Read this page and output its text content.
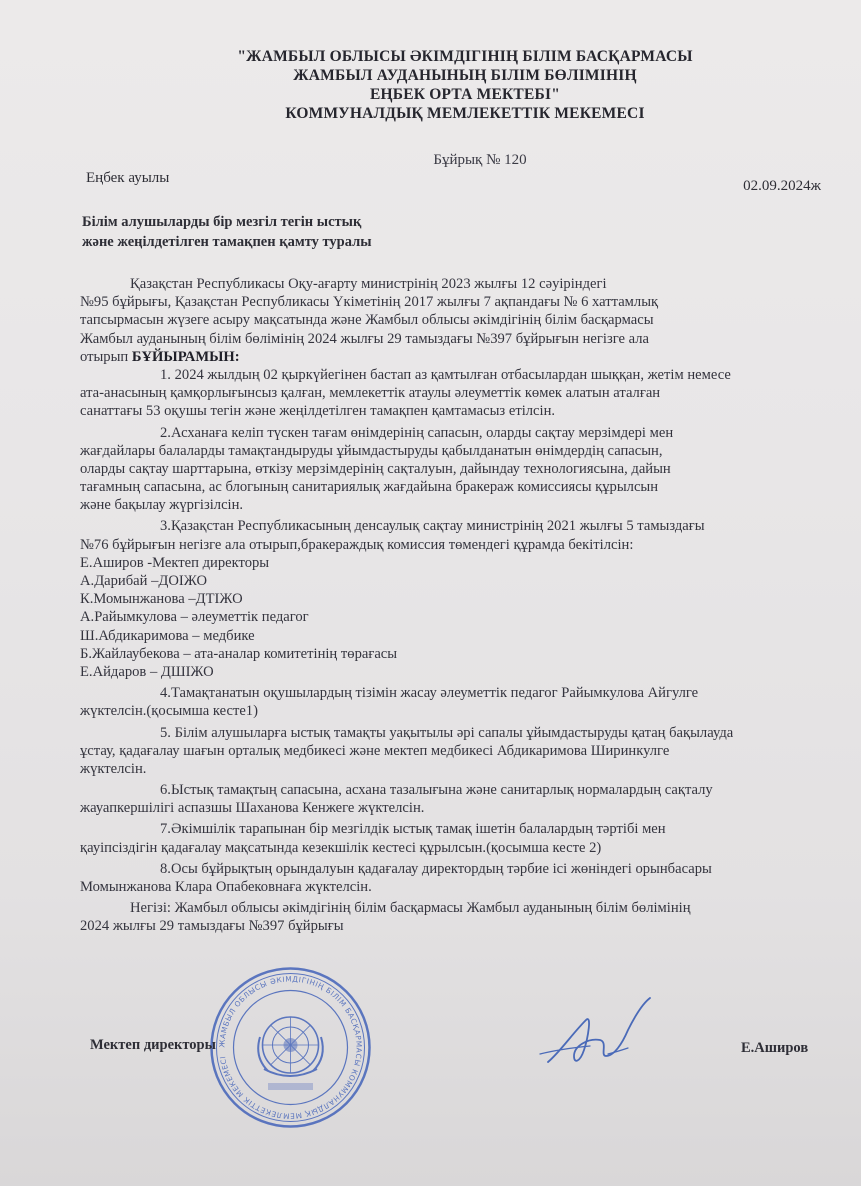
"ЖАМБЫЛ ОБЛЫСЫ ӘКІМДІГІНІҢ БІЛІМ БАСҚАРМАСЫ
ЖАМБЫЛ АУДАНЫНЫҢ БІЛІМ БӨЛІМІНІҢ
ЕҢБЕК ОРТА МЕКТЕБІ"
КОММУНАЛДЫҚ МЕМЛЕКЕТТІК МЕКЕМЕСІ
Бұйрық № 120
Еңбек ауылы	02.09.2024ж
Білім алушыларды бір мезгіл тегін ыстық
және жеңілдетілген тамақпен қамту туралы
Қазақстан Республикасы Оқу-ағарту министрінің 2023 жылғы 12 сәуіріндегі
№95 бұйрығы, Қазақстан Республикасы Үкіметінің 2017 жылғы 7 ақпандағы № 6 хаттамлық
тапсырмасын жүзеге асыру мақсатында және Жамбыл облысы әкімдігінің білім басқармасы
Жамбыл ауданының білім бөлімінің 2024 жылғы 29 тамыздағы №397 бұйрығын негізге ала
отырып БҰЙЫРАМЫН:
1. 2024 жылдың 02 қыркүйегінен бастап аз қамтылған отбасылардан шыққан, жетім немесе
ата-анасының қамқорлығынсыз қалған, мемлекеттік атаулы әлеуметтік көмек алатын аталған
санаттағы 53 оқушы тегін және жеңілдетілген тамақпен қамтамасыз етілсін.
2.Асханаға келіп түскен тағам өнімдерінің сапасын, оларды сақтау мерзімдері мен
жағдайлары балаларды тамақтандыруды ұйымдастыруды қабылданатын өнімдердің сапасын,
оларды сақтау шарттарына, өткізу мерзімдерінің сақталуын, дайындау технологиясына, дайын
тағамның сапасына, ас блогының санитариялық жағдайына бракераж комиссиясы құрылсын
және бақылау жүргізілсін.
3.Қазақстан Республикасының денсаулық сақтау министрінің 2021 жылғы 5 тамыздағы
№76 бұйрығын негізге ала отырып,бракераждық комиссия төмендегі құрамда бекітілсін:
Е.Аширов -Мектеп директоры
А.Дарибай –ДОІЖО
К.Момынжанова –ДТІЖО
А.Райымкулова – әлеуметтік педагог
Ш.Абдикаримова – медбике
Б.Жайлаубекова – ата-аналар комитетінің төрағасы
Е.Айдаров – ДШІЖО
4.Тамақтанатын оқушылардың тізімін жасау әлеуметтік педагог Райымкулова Айгулге
жүктелсін.(қосымша кесте1)
5. Білім алушыларға ыстық тамақты уақытылы әрі сапалы ұйымдастыруды қатаң бақылауда
ұстау, қадағалау шағын орталық медбикесі және мектеп медбикесі Абдикаримова Ширинкулге
жүктелсін.
6.Ыстық тамақтың сапасына, асхана тазалығына және санитарлық нормалардың сақталу
жауапкершілігі аспазшы Шаханова Кенжеге жүктелсін.
7.Әкімшілік тарапынан бір мезгілдік ыстық тамақ ішетін балалардың тәртібі мен
қауіпсіздігін қадағалау мақсатында кезекшілік кестесі құрылсын.(қосымша кесте 2)
8.Осы бұйрықтың орындалуын қадағалау директордың тәрбие ісі жөніндегі орынбасары
Момынжанова Клара Опабековнаға жүктелсін.
Негізі: Жамбыл облысы әкімдігінің білім басқармасы Жамбыл ауданының білім бөлімінің
2024 жылғы 29 тамыздағы №397 бұйрығы
ЖАМБЫЛ ОБЛЫСЫ ӘКІМДІГІНІҢ БІЛІМ БАСҚАРМАСЫ КОММУНАЛДЫҚ МЕМЛЕКЕТТІК МЕКЕМЕСІ
Мектеп директоры	Е.Аширов
